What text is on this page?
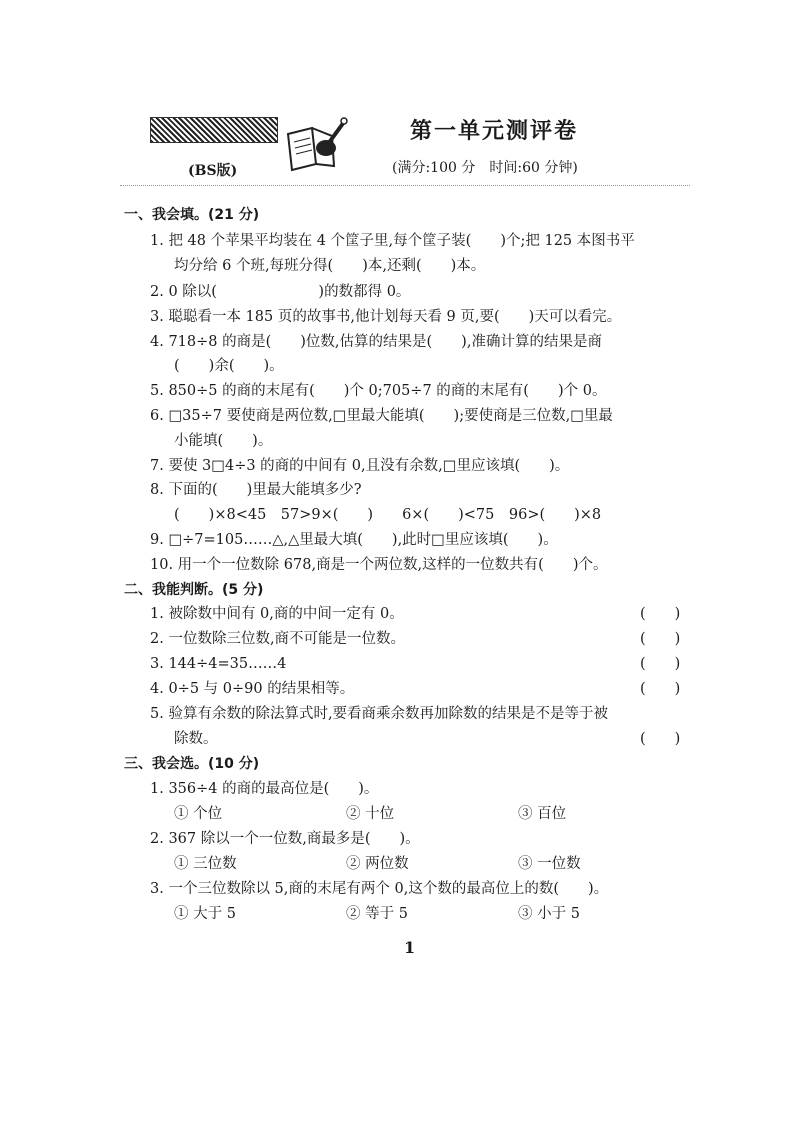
第一单元测评卷
(BS版)	(满分:100 分　时间:60 分钟)
一、我会填。(21 分)
1. 把 48 个苹果平均装在 4 个筐子里,每个筐子装(　　)个;把 125 本图书平
均分给 6 个班,每班分得(　　)本,还剩(　　)本。
2. 0 除以(　　　　　　　)的数都得 0。
3. 聪聪看一本 185 页的故事书,他计划每天看 9 页,要(　　)天可以看完。
4. 718÷8 的商是(　　)位数,估算的结果是(　　),准确计算的结果是商
(　　)余(　　)。
5. 850÷5 的商的末尾有(　　)个 0;705÷7 的商的末尾有(　　)个 0。
6. □35÷7 要使商是两位数,□里最大能填(　　);要使商是三位数,□里最
小能填(　　)。
7. 要使 3□4÷3 的商的中间有 0,且没有余数,□里应该填(　　)。
8. 下面的(　　)里最大能填多少?
(　　)×8<45　57>9×(　　)　　6×(　　)<75　96>(　　)×8
9. □÷7=105……△,△里最大填(　　),此时□里应该填(　　)。
10. 用一个一位数除 678,商是一个两位数,这样的一位数共有(　　)个。
二、我能判断。(5 分)
1. 被除数中间有 0,商的中间一定有 0。	(　　)
2. 一位数除三位数,商不可能是一位数。	(　　)
3. 144÷4=35……4	(　　)
4. 0÷5 与 0÷90 的结果相等。	(　　)
5. 验算有余数的除法算式时,要看商乘余数再加除数的结果是不是等于被
除数。	(　　)
三、我会选。(10 分)
1. 356÷4 的商的最高位是(　　)。
① 个位	② 十位	③ 百位
2. 367 除以一个一位数,商最多是(　　)。
① 三位数	② 两位数	③ 一位数
3. 一个三位数除以 5,商的末尾有两个 0,这个数的最高位上的数(　　)。
① 大于 5	② 等于 5	③ 小于 5
1
